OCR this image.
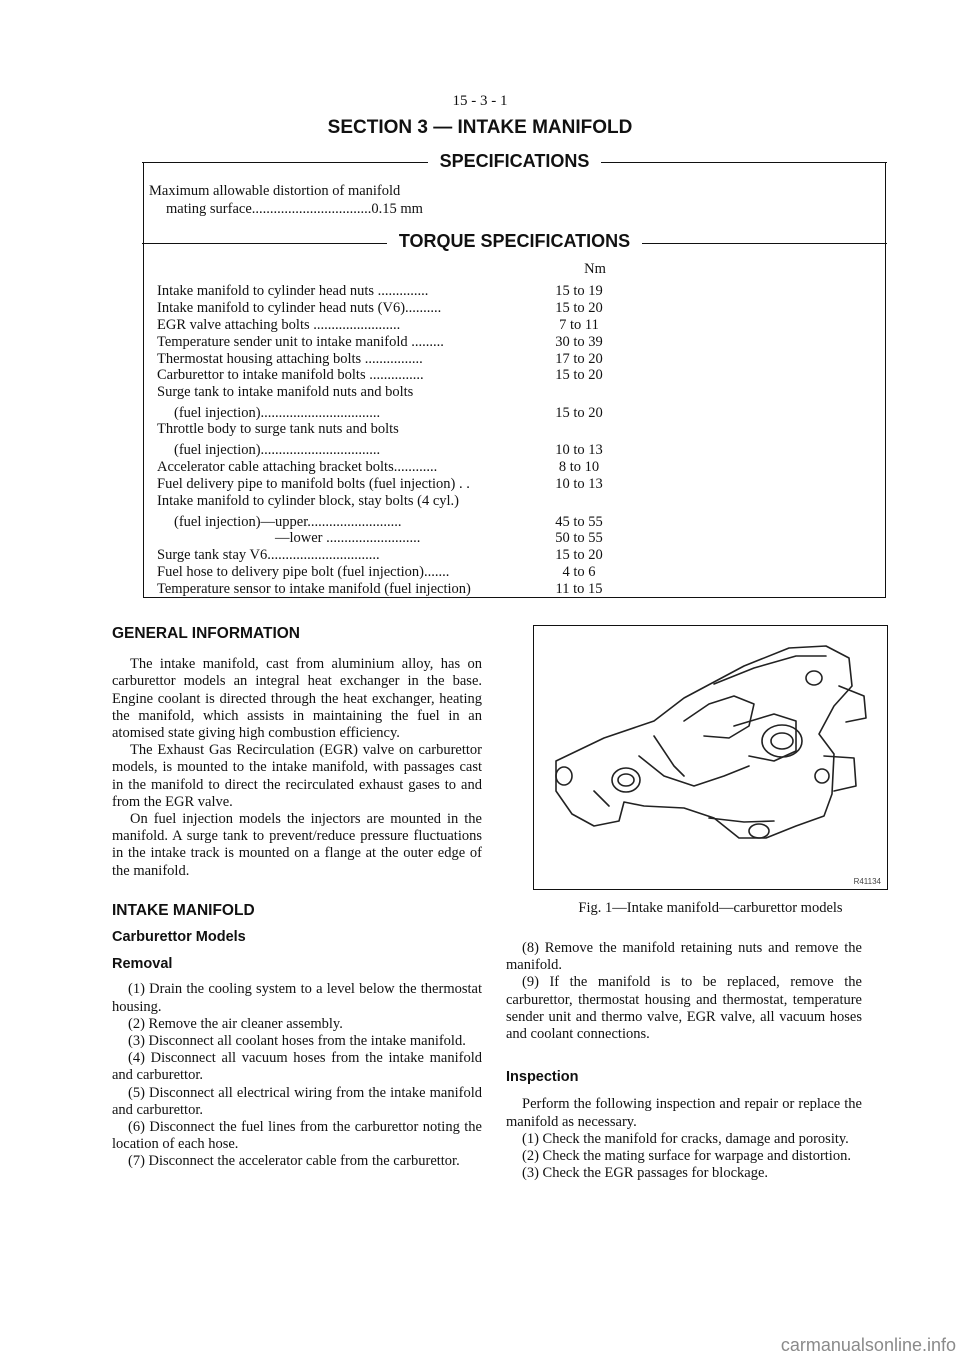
15 - 3 - 1
SECTION 3 — INTAKE MANIFOLD
SPECIFICATIONS
Maximum allowable distortion of manifold
mating surface.................................0.15 mm
TORQUE SPECIFICATIONS
Nm
Intake manifold to cylinder head nuts ..............	15 to 19
Intake manifold to cylinder head nuts (V6)..........	15 to 20
EGR valve attaching bolts ........................	7 to 11
Temperature sender unit to intake manifold .........	30 to 39
Thermostat housing attaching bolts ................	17 to 20
Carburettor to intake manifold bolts ...............	15 to 20
Surge tank to intake manifold nuts and bolts
(fuel injection).................................	15 to 20
Throttle body to surge tank nuts and bolts
(fuel injection).................................	10 to 13
Accelerator cable attaching bracket bolts............	8 to 10
Fuel delivery pipe to manifold bolts (fuel injection) . .	10 to 13
Intake manifold to cylinder block, stay bolts (4 cyl.)
(fuel injection)—upper..........................	45 to 55
—lower ..........................	50 to 55
Surge tank stay V6...............................	15 to 20
Fuel hose to delivery pipe bolt (fuel injection).......	4 to 6
Temperature sensor to intake manifold (fuel injection)	11 to 15
GENERAL INFORMATION

The intake manifold, cast from aluminium alloy, has on carburettor models an integral heat exchanger in the base. Engine coolant is directed through the heat exchanger, heating the manifold, which assists in maintaining the fuel in an atomised state giving high combustion efficiency.

The Exhaust Gas Recirculation (EGR) valve on carburettor models, is mounted to the intake manifold, with passages cast in the manifold to direct the recirculated exhaust gases to and from the EGR valve.

On fuel injection models the injectors are mounted in the manifold. A surge tank to prevent/reduce pressure fluctuations in the intake track is mounted on a flange at the outer edge of the manifold.

INTAKE MANIFOLD
Carburettor Models
Removal

(1) Drain the cooling system to a level below the thermostat housing.

(2) Remove the air cleaner assembly.

(3) Disconnect all coolant hoses from the intake manifold.

(4) Disconnect all vacuum hoses from the intake manifold and carburettor.

(5) Disconnect all electrical wiring from the intake manifold and carburettor.

(6) Disconnect the fuel lines from the carburettor noting the location of each hose.

(7) Disconnect the accelerator cable from the carburettor.

R41134
Fig. 1—Intake manifold—carburettor models

(8) Remove the manifold retaining nuts and remove the manifold.

(9) If the manifold is to be replaced, remove the carburettor, thermostat housing and thermostat, temperature sender unit and thermo valve, EGR valve, all vacuum hoses and coolant connections.

Inspection

Perform the following inspection and repair or replace the manifold as necessary.

(1) Check the manifold for cracks, damage and porosity.

(2) Check the mating surface for warpage and distortion.

(3) Check the EGR passages for blockage.

carmanualsonline.info
